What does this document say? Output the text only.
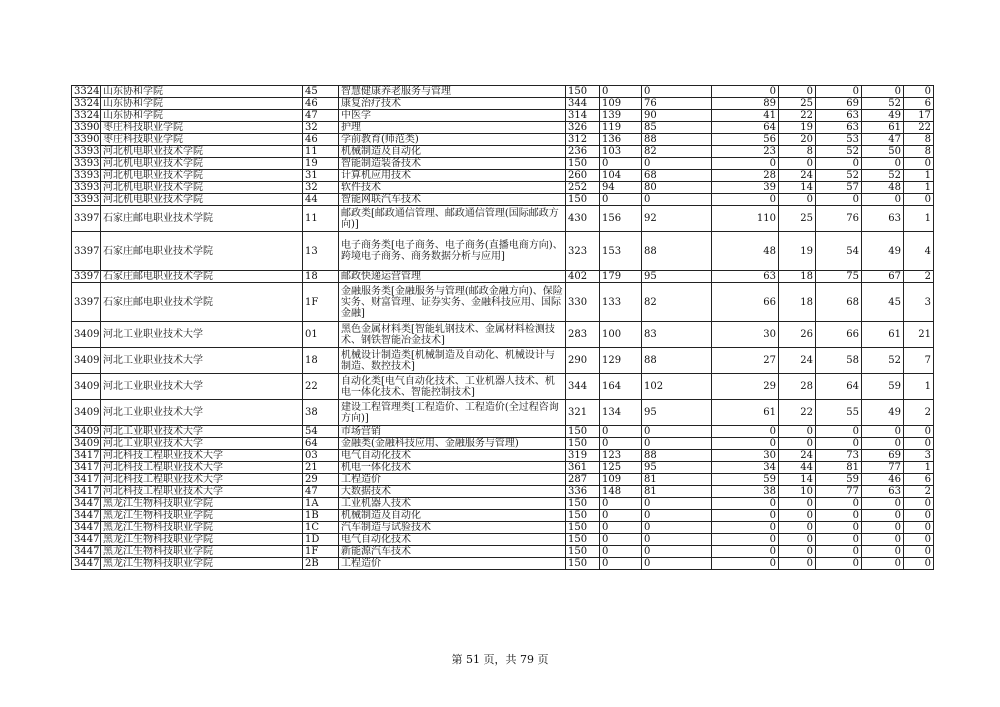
3324	山东协和学院	45	智慧健康养老服务与管理	150	0	0	0	0	0	0	0
3324	山东协和学院	46	康复治疗技术	344	109	76	89	25	69	52	6
3324	山东协和学院	47	中医学	314	139	90	41	22	63	49	17
3390	枣庄科技职业学院	32	护理	326	119	85	64	19	63	61	22
3390	枣庄科技职业学院	46	学前教育(师范类)	312	136	88	56	20	53	47	8
3393	河北机电职业技术学院	11	机械制造及自动化	236	103	82	23	8	52	50	8
3393	河北机电职业技术学院	19	智能制造装备技术	150	0	0	0	0	0	0	0
3393	河北机电职业技术学院	31	计算机应用技术	260	104	68	28	24	52	52	1
3393	河北机电职业技术学院	32	软件技术	252	94	80	39	14	57	48	1
3393	河北机电职业技术学院	44	智能网联汽车技术	150	0	0	0	0	0	0	0
3397	石家庄邮电职业技术学院	11	邮政类[邮政通信管理、邮政通信管理(国际邮政方向)]	430	156	92	110	25	76	63	1
3397	石家庄邮电职业技术学院	13	电子商务类[电子商务、电子商务(直播电商方向)、跨境电子商务、商务数据分析与应用]	323	153	88	48	19	54	49	4
3397	石家庄邮电职业技术学院	18	邮政快递运营管理	402	179	95	63	18	75	67	2
3397	石家庄邮电职业技术学院	1F	金融服务类[金融服务与管理(邮政金融方向)、保险实务、财富管理、证券实务、金融科技应用、国际金融]	330	133	82	66	18	68	45	3
3409	河北工业职业技术大学	01	黑色金属材料类[智能轧钢技术、金属材料检测技术、钢铁智能冶金技术]	283	100	83	30	26	66	61	21
3409	河北工业职业技术大学	18	机械设计制造类[机械制造及自动化、机械设计与制造、数控技术]	290	129	88	27	24	58	52	7
3409	河北工业职业技术大学	22	自动化类[电气自动化技术、工业机器人技术、机电一体化技术、智能控制技术]	344	164	102	29	28	64	59	1
3409	河北工业职业技术大学	38	建设工程管理类[工程造价、工程造价(全过程咨询方向)]	321	134	95	61	22	55	49	2
3409	河北工业职业技术大学	54	市场营销	150	0	0	0	0	0	0	0
3409	河北工业职业技术大学	64	金融类(金融科技应用、金融服务与管理)	150	0	0	0	0	0	0	0
3417	河北科技工程职业技术大学	03	电气自动化技术	319	123	88	30	24	73	69	3
3417	河北科技工程职业技术大学	21	机电一体化技术	361	125	95	34	44	81	77	1
3417	河北科技工程职业技术大学	29	工程造价	287	109	81	59	14	59	46	6
3417	河北科技工程职业技术大学	47	大数据技术	336	148	81	38	10	77	63	2
3447	黑龙江生物科技职业学院	1A	工业机器人技术	150	0	0	0	0	0	0	0
3447	黑龙江生物科技职业学院	1B	机械制造及自动化	150	0	0	0	0	0	0	0
3447	黑龙江生物科技职业学院	1C	汽车制造与试验技术	150	0	0	0	0	0	0	0
3447	黑龙江生物科技职业学院	1D	电气自动化技术	150	0	0	0	0	0	0	0
3447	黑龙江生物科技职业学院	1F	新能源汽车技术	150	0	0	0	0	0	0	0
3447	黑龙江生物科技职业学院	2B	工程造价	150	0	0	0	0	0	0	0
第 51 页，共 79 页
